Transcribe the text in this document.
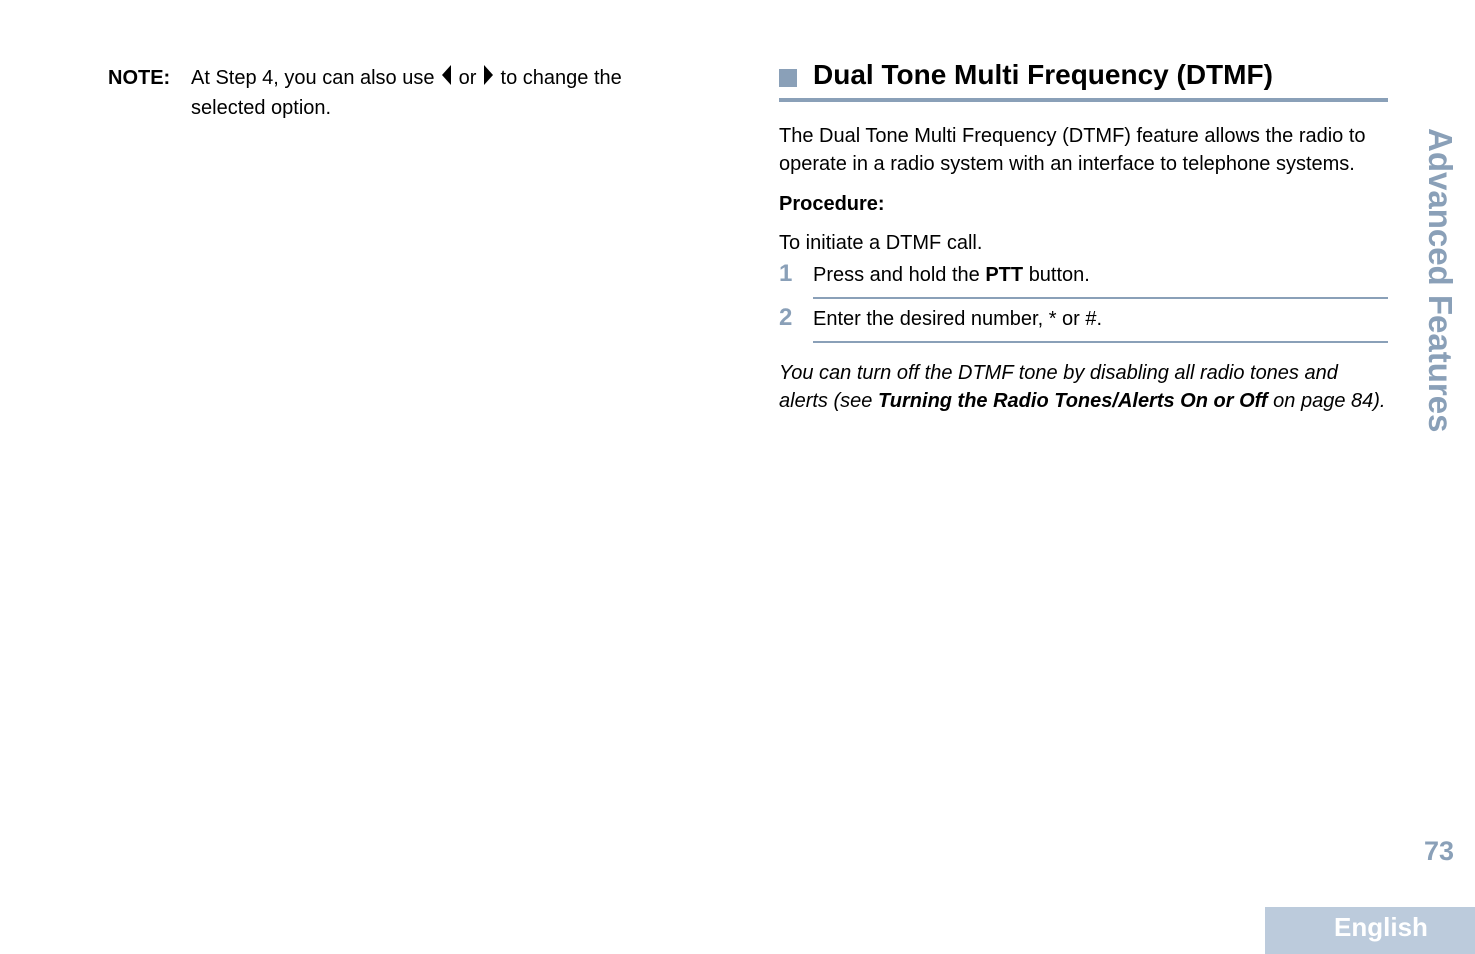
NOTE: At Step 4, you can also use or to change the selected option.
Dual Tone Multi Frequency (DTMF)

The Dual Tone Multi Frequency (DTMF) feature allows the radio to operate in a radio system with an interface to telephone systems.

Procedure:

To initiate a DTMF call.

1 Press and hold the PTT button.
2 Enter the desired number, * or #.

You can turn off the DTMF tone by disabling all radio tones and alerts (see Turning the Radio Tones/Alerts On or Off on page 84). Advanced Features
73
English
